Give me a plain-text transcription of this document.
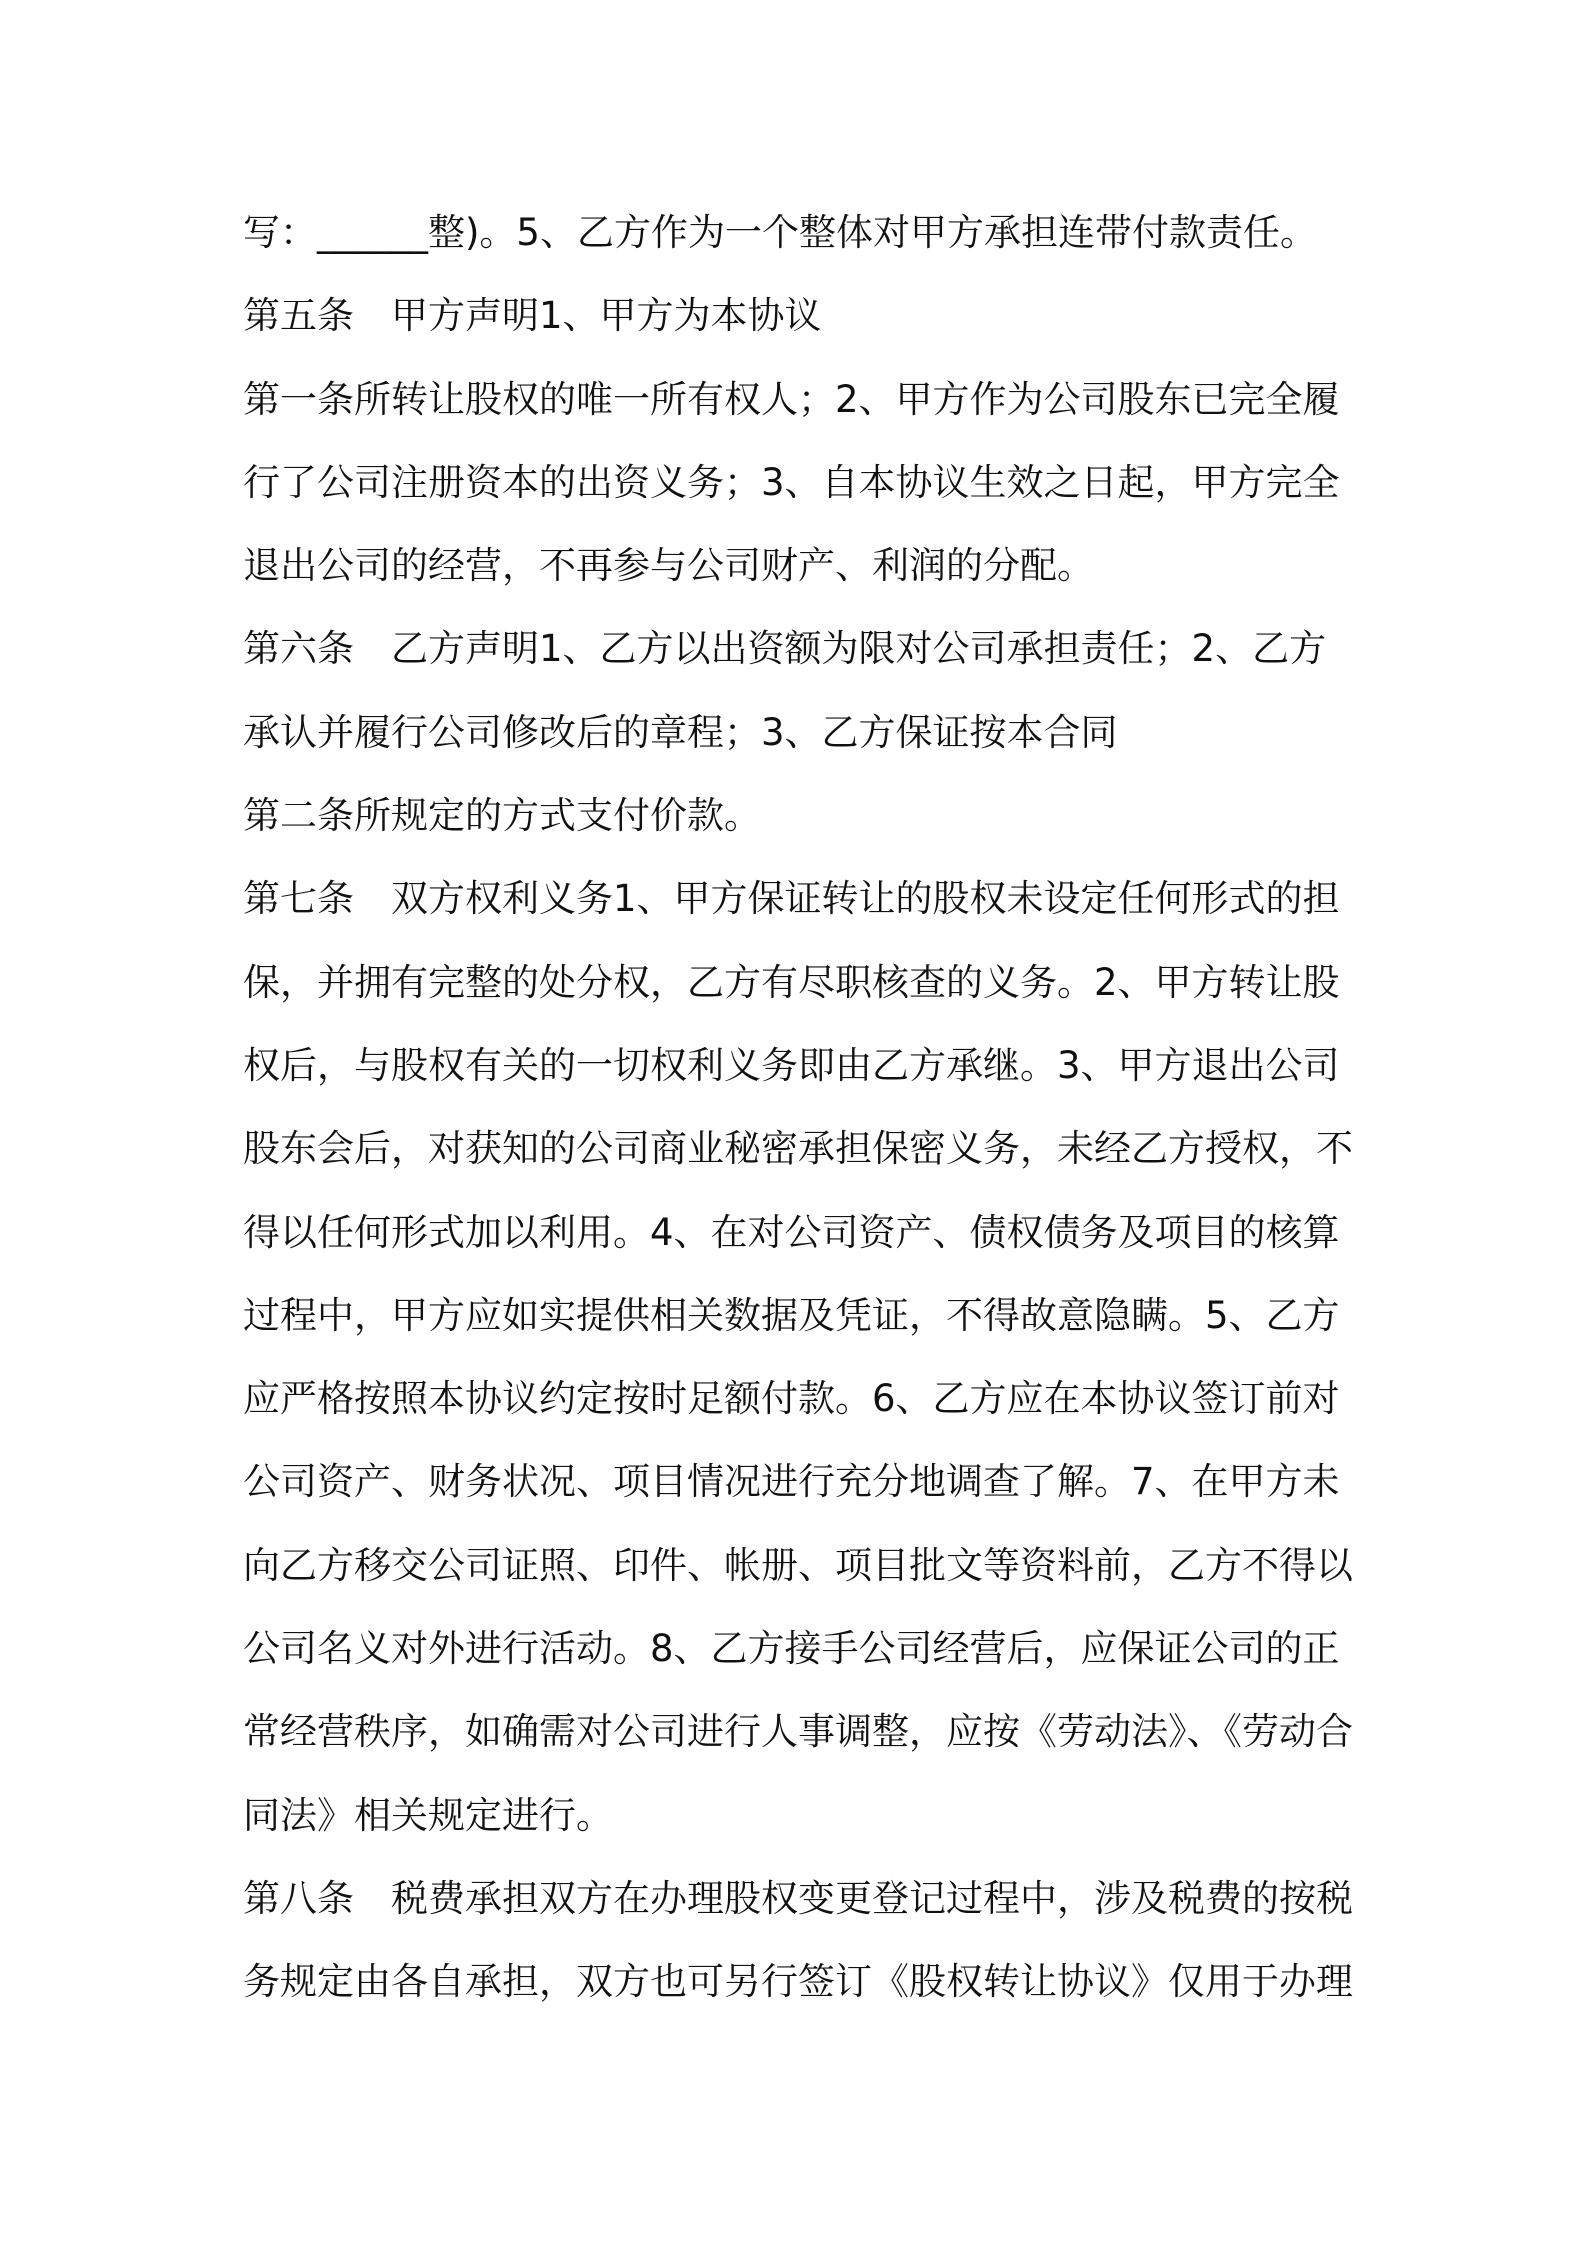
写：______整)。5、乙方作为一个整体对甲方承担连带付款责任。
第五条　甲方声明1、甲方为本协议
第一条所转让股权的唯一所有权人；2、甲方作为公司股东已完全履
行了公司注册资本的出资义务；3、自本协议生效之日起，甲方完全
退出公司的经营，不再参与公司财产、利润的分配。
第六条　乙方声明1、乙方以出资额为限对公司承担责任；2、乙方
承认并履行公司修改后的章程；3、乙方保证按本合同
第二条所规定的方式支付价款。
第七条　双方权利义务1、甲方保证转让的股权未设定任何形式的担
保，并拥有完整的处分权，乙方有尽职核查的义务。2、甲方转让股
权后，与股权有关的一切权利义务即由乙方承继。3、甲方退出公司
股东会后，对获知的公司商业秘密承担保密义务，未经乙方授权，不
得以任何形式加以利用。4、在对公司资产、债权债务及项目的核算
过程中，甲方应如实提供相关数据及凭证，不得故意隐瞒。5、乙方
应严格按照本协议约定按时足额付款。6、乙方应在本协议签订前对
公司资产、财务状况、项目情况进行充分地调查了解。7、在甲方未
向乙方移交公司证照、印件、帐册、项目批文等资料前，乙方不得以
公司名义对外进行活动。8、乙方接手公司经营后，应保证公司的正
常经营秩序，如确需对公司进行人事调整，应按《劳动法》、《劳动合
同法》相关规定进行。
第八条　税费承担双方在办理股权变更登记过程中，涉及税费的按税
务规定由各自承担，双方也可另行签订《股权转让协议》仅用于办理
